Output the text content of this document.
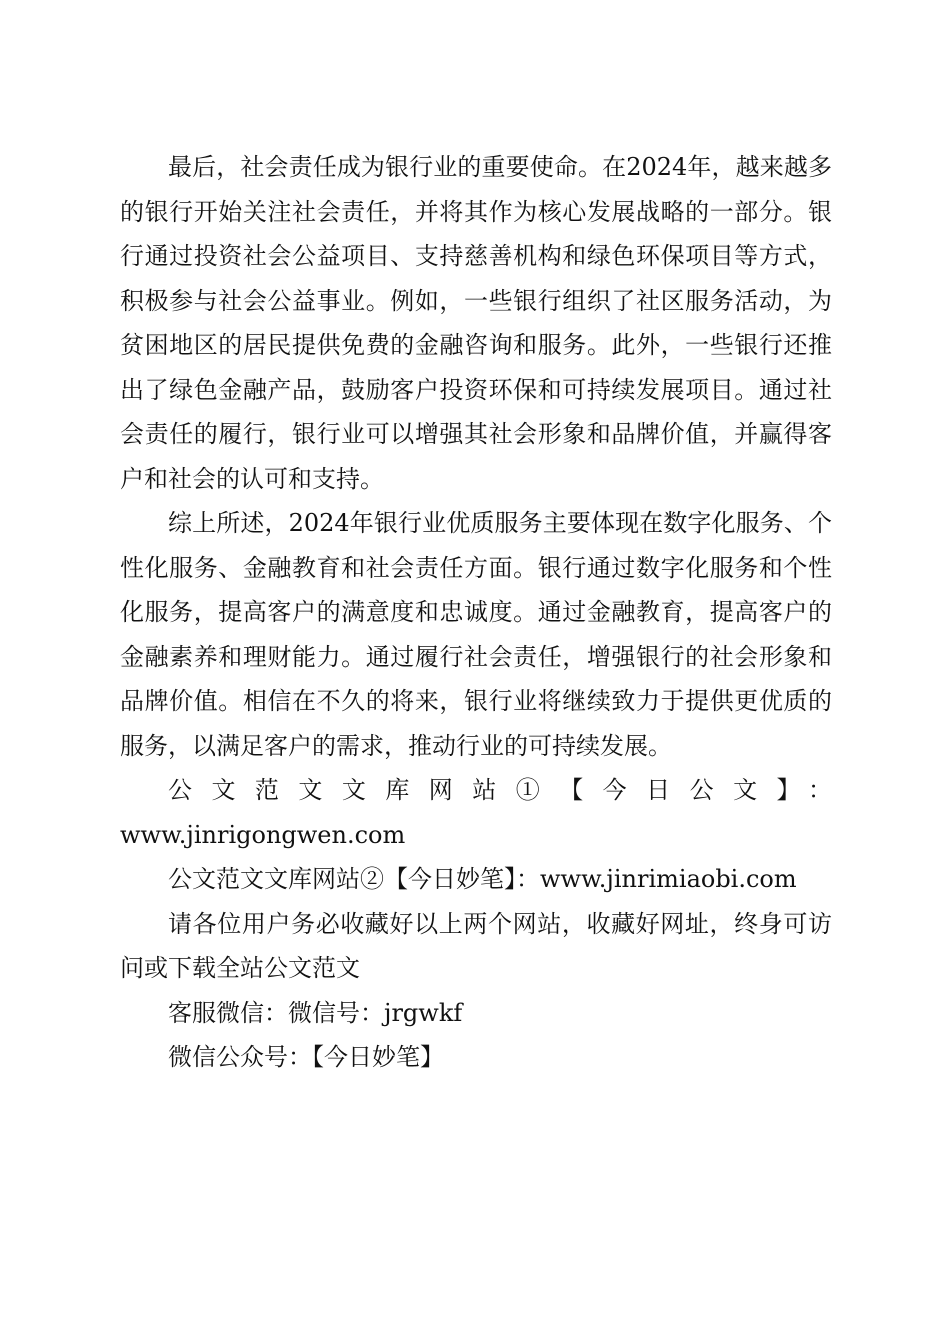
最后，社会责任成为银行业的重要使命。在2024年，越来越多的银行开始关注社会责任，并将其作为核心发展战略的一部分。银行通过投资社会公益项目、支持慈善机构和绿色环保项目等方式，积极参与社会公益事业。例如，一些银行组织了社区服务活动，为贫困地区的居民提供免费的金融咨询和服务。此外，一些银行还推出了绿色金融产品，鼓励客户投资环保和可持续发展项目。通过社会责任的履行，银行业可以增强其社会形象和品牌价值，并赢得客户和社会的认可和支持。

综上所述，2024年银行业优质服务主要体现在数字化服务、个性化服务、金融教育和社会责任方面。银行通过数字化服务和个性化服务，提高客户的满意度和忠诚度。通过金融教育，提高客户的金融素养和理财能力。通过履行社会责任，增强银行的社会形象和品牌价值。相信在不久的将来，银行业将继续致力于提供更优质的服务，以满足客户的需求，推动行业的可持续发展。

公文范文文库网站①【今日公文】：

www.jinrigongwen.com

公文范文文库网站②【今日妙笔】：www.jinrimiaobi.com

请各位用户务必收藏好以上两个网站，收藏好网址，终身可访问或下载全站公文范文

客服微信：微信号：jrgwkf

微信公众号：【今日妙笔】
